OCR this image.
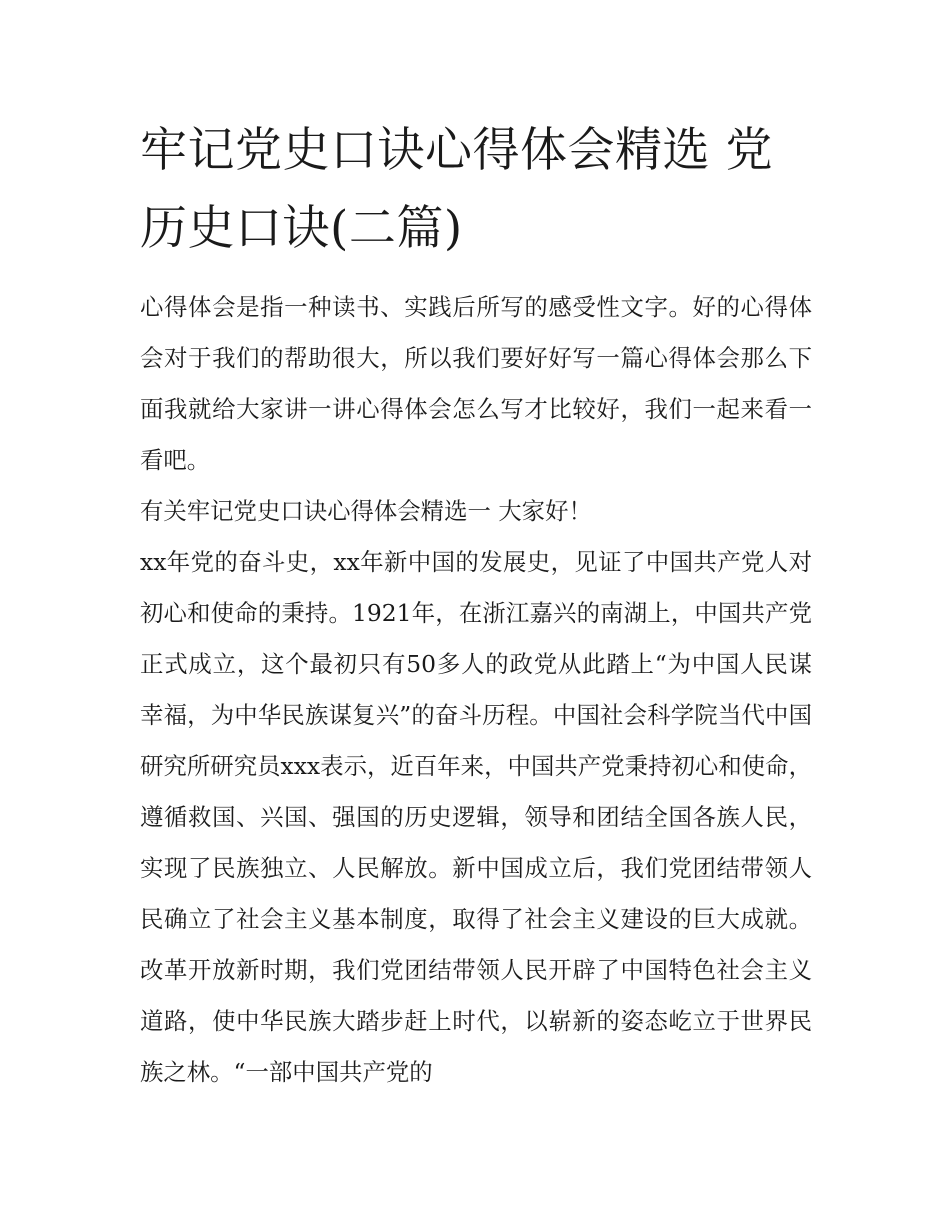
牢记党史口诀心得体会精选 党历史口诀(二篇)

心得体会是指一种读书、实践后所写的感受性文字。好的心得体会对于我们的帮助很大，所以我们要好好写一篇心得体会那么下面我就给大家讲一讲心得体会怎么写才比较好，我们一起来看一看吧。

有关牢记党史口诀心得体会精选一 大家好！

xx年党的奋斗史，xx年新中国的发展史，见证了中国共产党人对初心和使命的秉持。1921年，在浙江嘉兴的南湖上，中国共产党正式成立，这个最初只有50多人的政党从此踏上“为中国人民谋幸福，为中华民族谋复兴”的奋斗历程。中国社会科学院当代中国研究所研究员xxx表示，近百年来，中国共产党秉持初心和使命，遵循救国、兴国、强国的历史逻辑，领导和团结全国各族人民，实现了民族独立、人民解放。新中国成立后，我们党团结带领人民确立了社会主义基本制度，取得了社会主义建设的巨大成就。改革开放新时期，我们党团结带领人民开辟了中国特色社会主义道路，使中华民族大踏步赶上时代，以崭新的姿态屹立于世界民族之林。“一部中国共产党的
